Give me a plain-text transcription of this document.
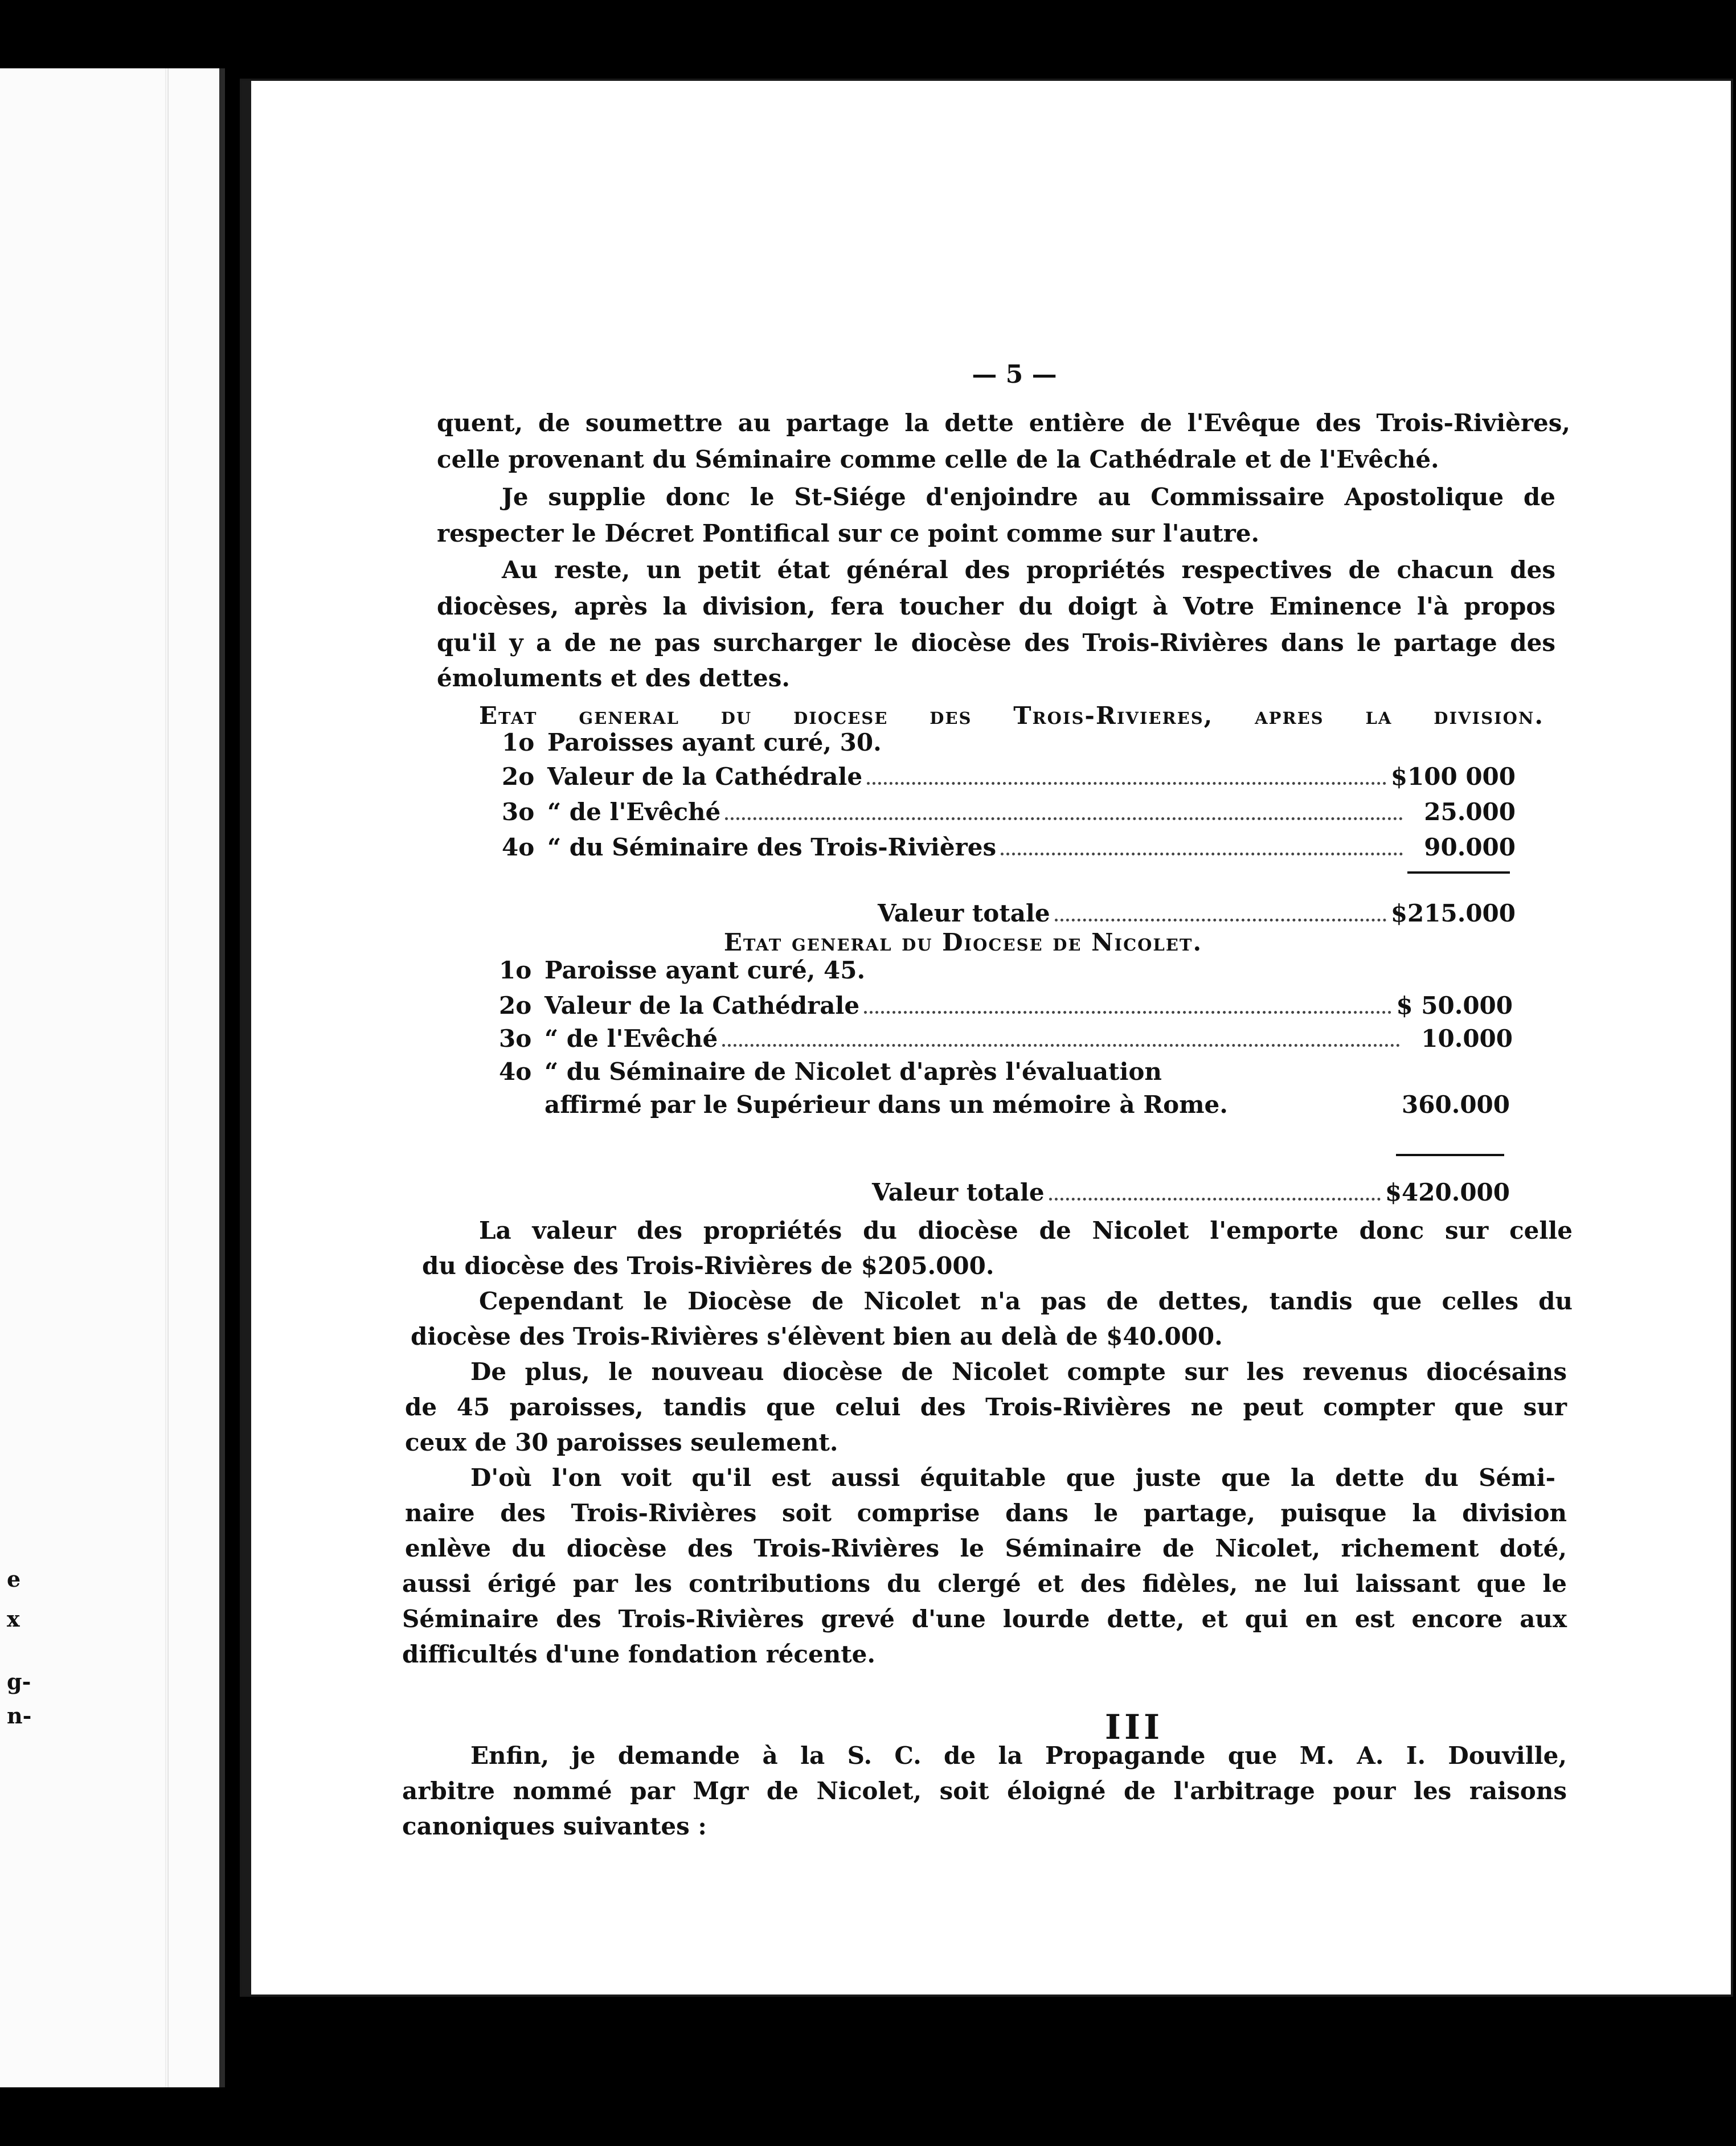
e
x
g-
n-
— 5 —
quent, de soumettre au partage la dette entière de l'Evêque des Trois-Rivières,
celle provenant du Séminaire comme celle de la Cathédrale et de l'Evêché.
Je supplie donc le St-Siége d'enjoindre au Commissaire Apostolique de
respecter le Décret Pontifical sur ce point comme sur l'autre.
Au reste, un petit état général des propriétés respectives de chacun des
diocèses, après la division, fera toucher du doigt à Votre Eminence l'à propos
qu'il y a de ne pas surcharger le diocèse des Trois-Rivières dans le partage des
émoluments et des dettes.
Etat general du diocese des Trois-Rivieres, apres la division.
1o Paroisses ayant curé, 30.
2o Valeur de la Cathédrale	$100 000
3o “ de l'Evêché	25.000
4o “ du Séminaire des Trois-Rivières	90.000
Valeur totale	$215.000
Etat general du Diocese de Nicolet.
1o Paroisse ayant curé, 45.
2o Valeur de la Cathédrale	$ 50.000
3o “ de l'Evêché	10.000
4o “ du Séminaire de Nicolet d'après l'évaluation
affirmé par le Supérieur dans un mémoire à Rome.	360.000
Valeur totale	$420.000
La valeur des propriétés du diocèse de Nicolet l'emporte donc sur celle
du diocèse des Trois-Rivières de $205.000.
Cependant le Diocèse de Nicolet n'a pas de dettes, tandis que celles du
diocèse des Trois-Rivières s'élèvent bien au delà de $40.000.
De plus, le nouveau diocèse de Nicolet compte sur les revenus diocésains
de 45 paroisses, tandis que celui des Trois-Rivières ne peut compter que sur
ceux de 30 paroisses seulement.
D'où l'on voit qu'il est aussi équitable que juste que la dette du Sémi-
naire des Trois-Rivières soit comprise dans le partage, puisque la division
enlève du diocèse des Trois-Rivières le Séminaire de Nicolet, richement doté,
aussi érigé par les contributions du clergé et des fidèles, ne lui laissant que le
Séminaire des Trois-Rivières grevé d'une lourde dette, et qui en est encore aux
difficultés d'une fondation récente.
III
Enfin, je demande à la S. C. de la Propagande que M. A. I. Douville,
arbitre nommé par Mgr de Nicolet, soit éloigné de l'arbitrage pour les raisons
canoniques suivantes :
